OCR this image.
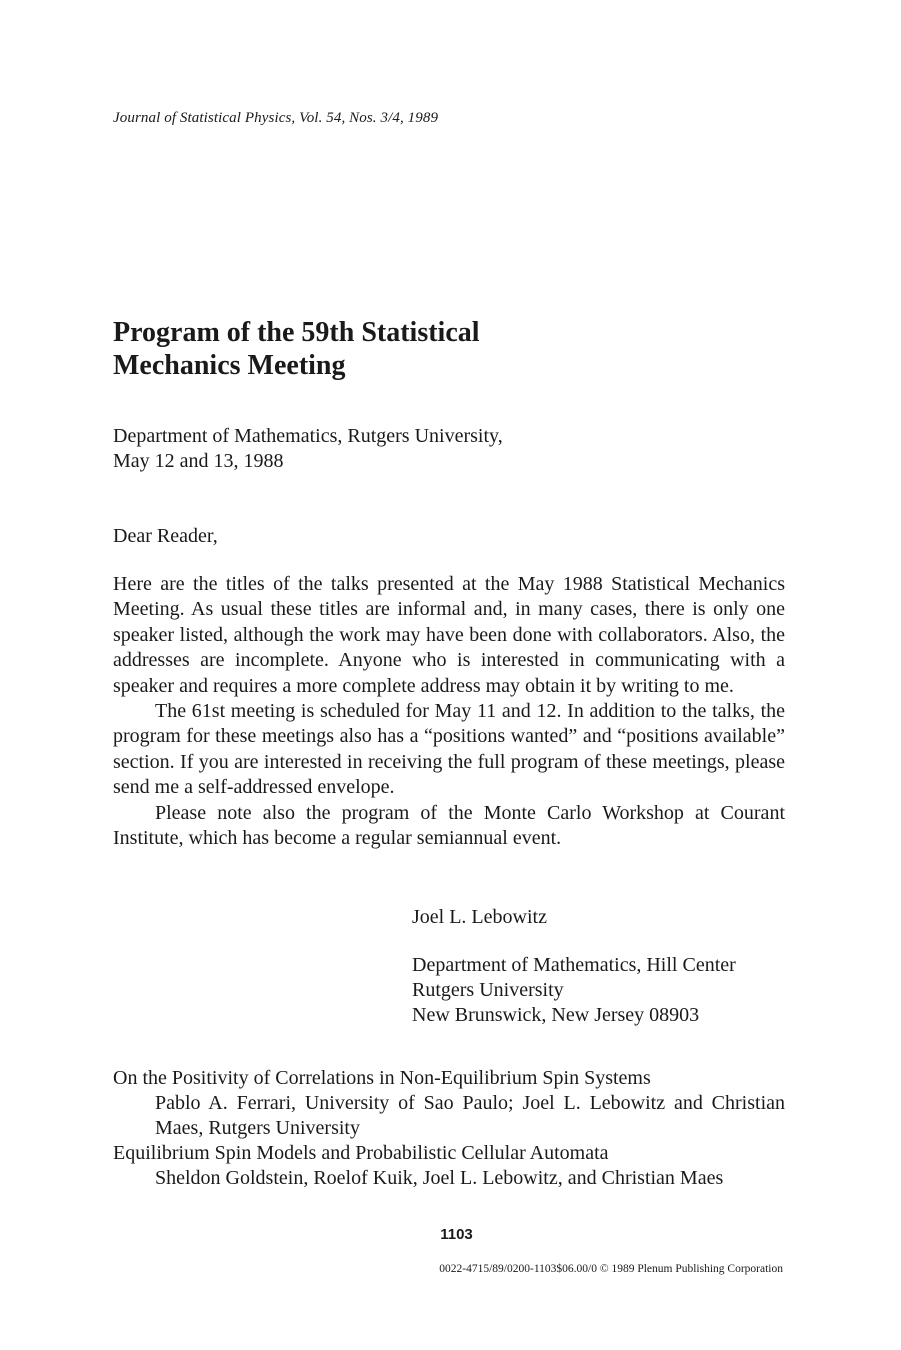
Journal of Statistical Physics, Vol. 54, Nos. 3/4, 1989
Program of the 59th Statistical
Mechanics Meeting
Department of Mathematics, Rutgers University,
May 12 and 13, 1988
Dear Reader,

Here are the titles of the talks presented at the May 1988 Statistical Mechanics Meeting. As usual these titles are informal and, in many cases, there is only one speaker listed, although the work may have been done with collaborators. Also, the addresses are incomplete. Anyone who is interested in communicating with a speaker and requires a more complete address may obtain it by writing to me.

The 61st meeting is scheduled for May 11 and 12. In addition to the talks, the program for these meetings also has a “positions wanted” and “positions available” section. If you are interested in receiving the full program of these meetings, please send me a self-addressed envelope.

Please note also the program of the Monte Carlo Workshop at Courant Institute, which has become a regular semiannual event.

Joel L. Lebowitz
Department of Mathematics, Hill Center
Rutgers University
New Brunswick, New Jersey 08903
On the Positivity of Correlations in Non-Equilibrium Spin Systems
Pablo A. Ferrari, University of Sao Paulo; Joel L. Lebowitz and Christian Maes, Rutgers University
Equilibrium Spin Models and Probabilistic Cellular Automata
Sheldon Goldstein, Roelof Kuik, Joel L. Lebowitz, and Christian Maes
1103
0022-4715/89/0200-1103$06.00/0 © 1989 Plenum Publishing Corporation
